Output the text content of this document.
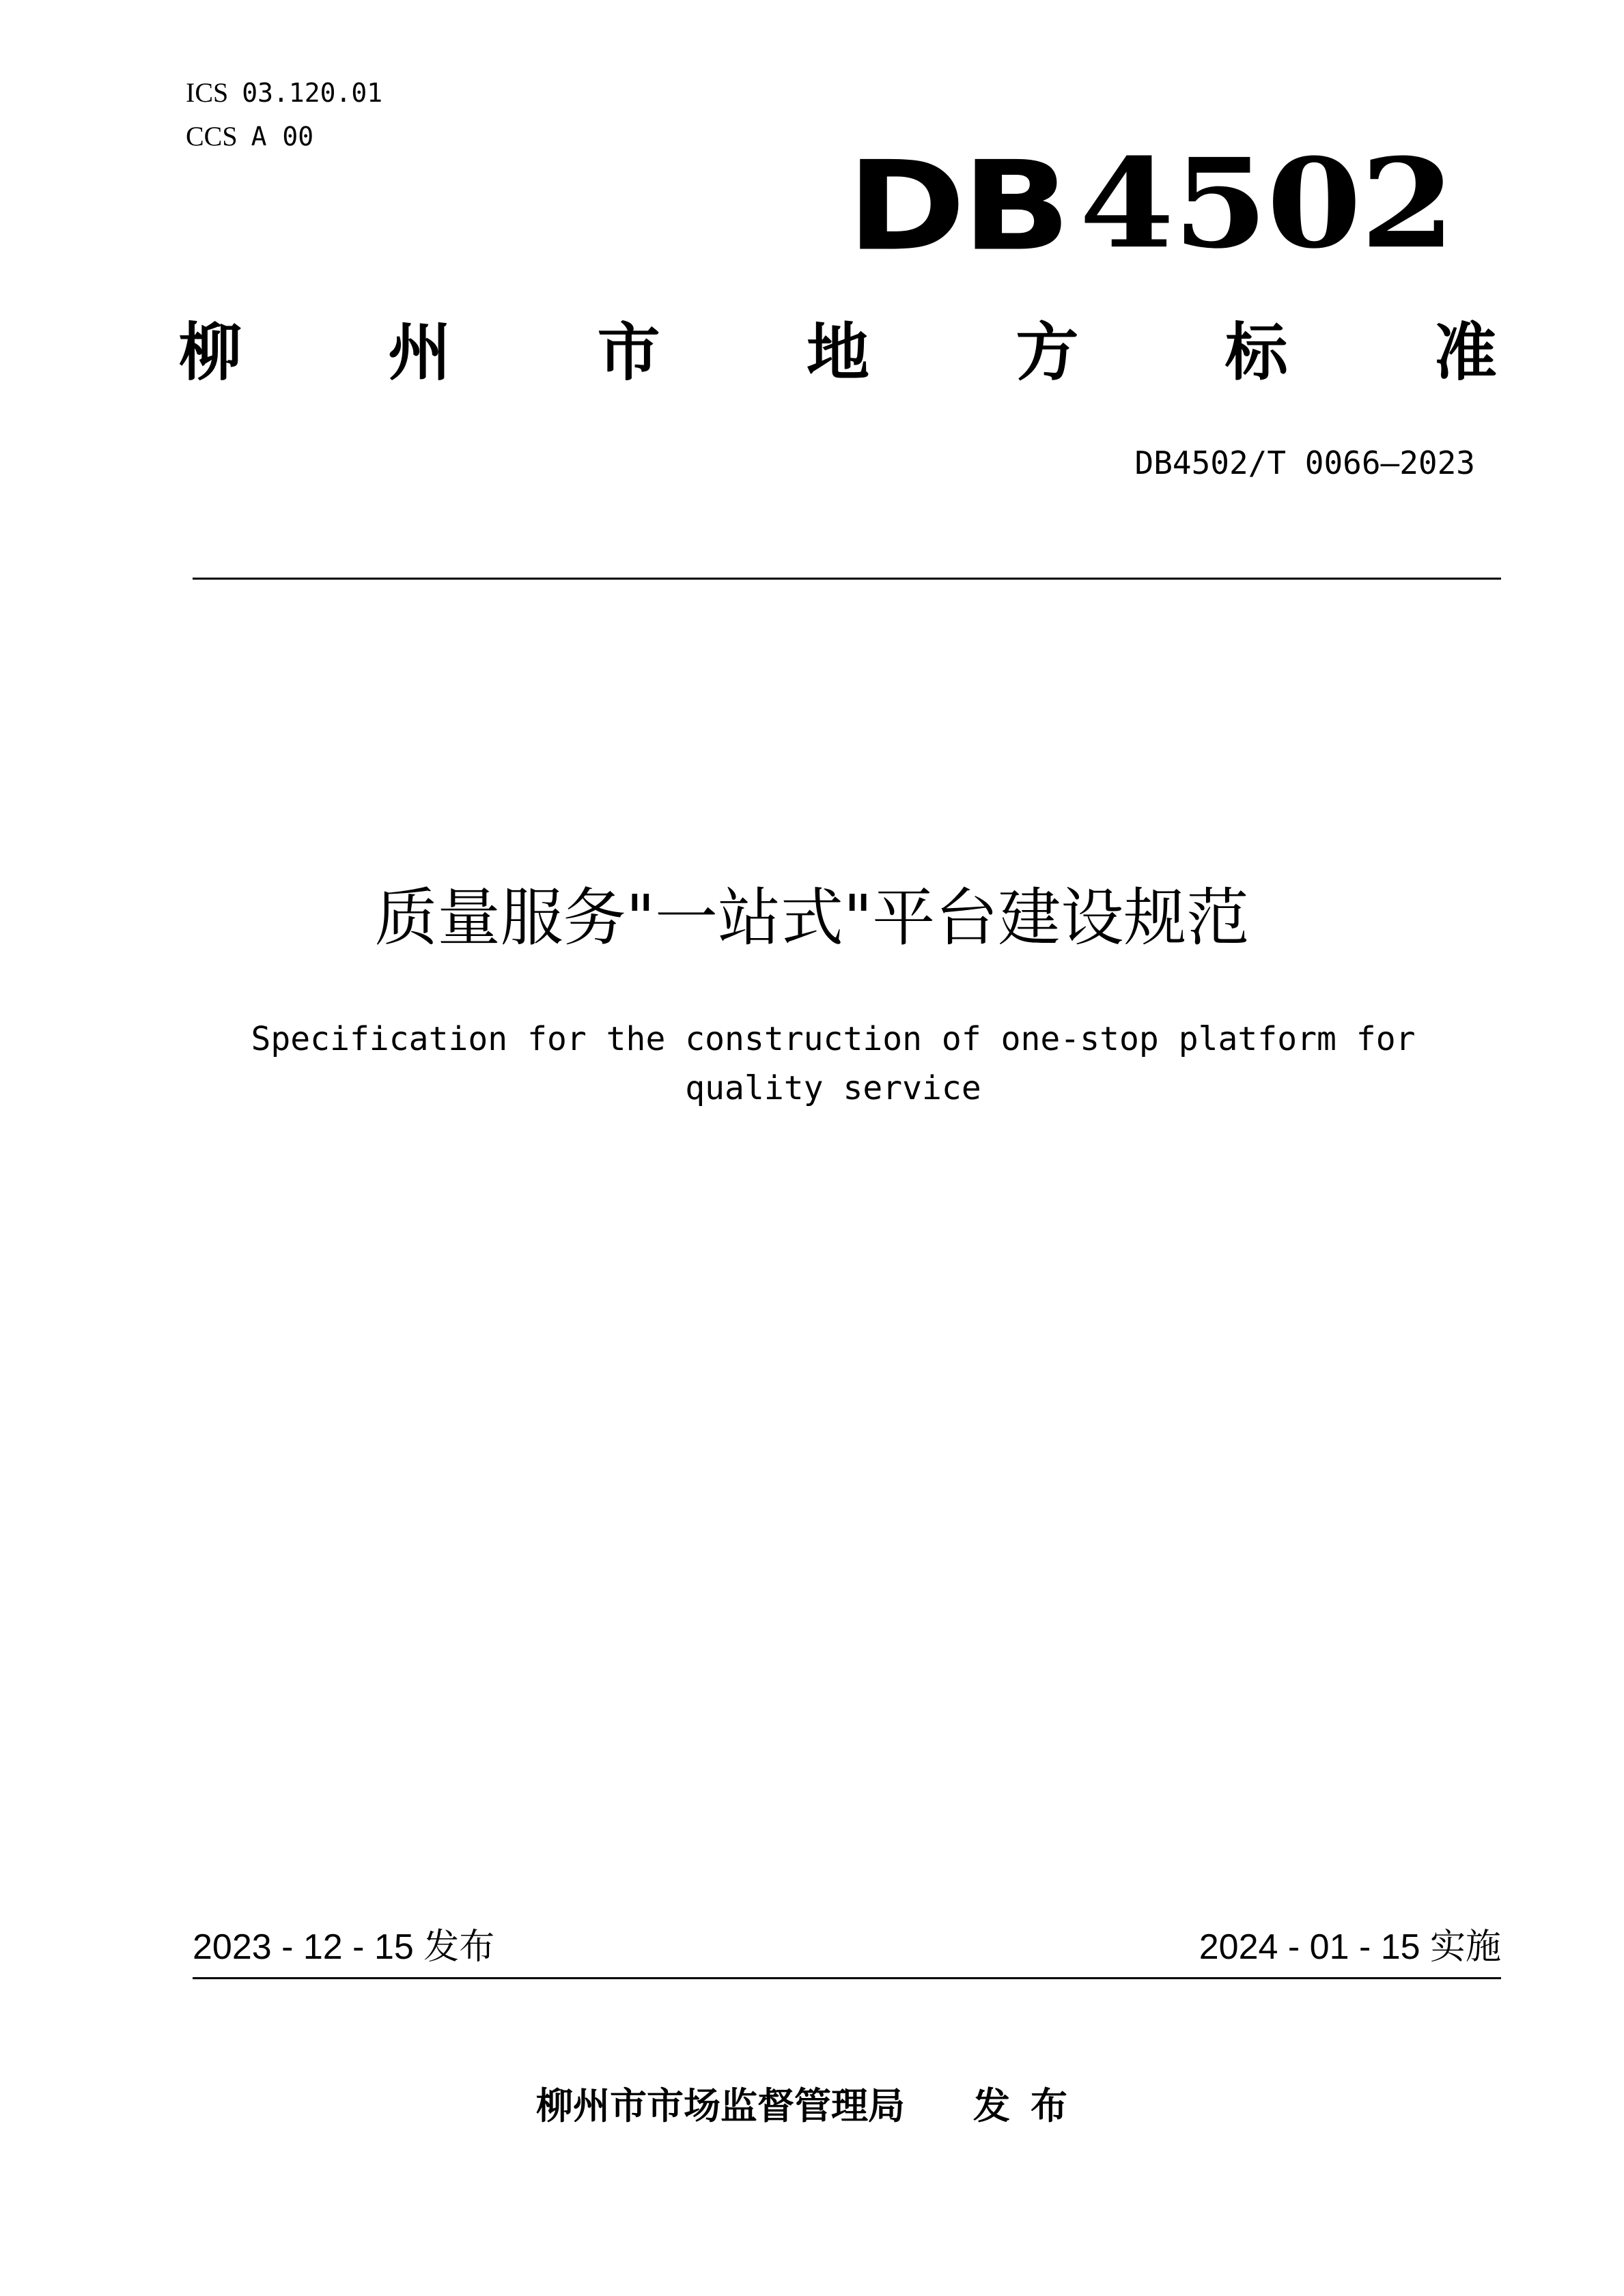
ICS 03.120.01
CCS A 00	DB4502
柳 州 市 地 方 标 准
DB4502/T 0066—2023
质量服务"一站式"平台建设规范
Specification for the construction of one-stop platform for quality service
2023 - 12 - 15 发布	2024 - 01 - 15 实施
柳州市市场监督管理局 发布
